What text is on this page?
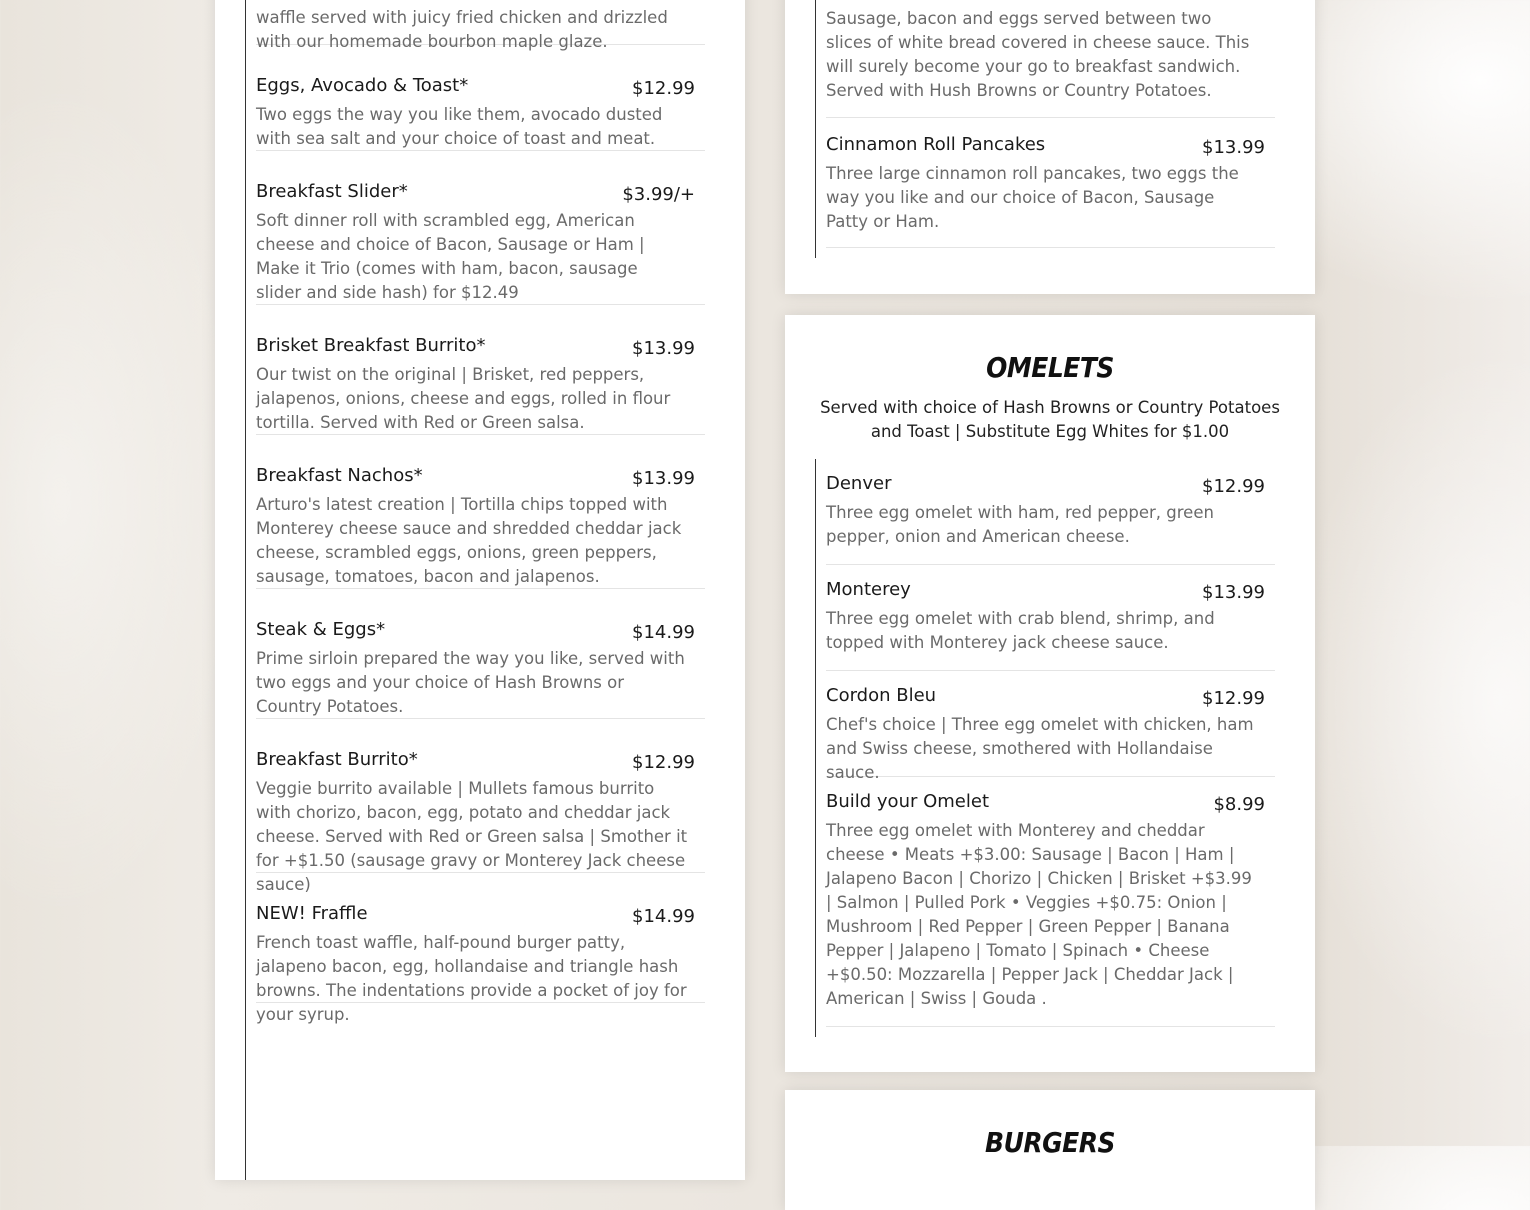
waffle served with juicy fried chicken and drizzled with our homemade bourbon maple glaze.
Eggs, Avocado & Toast*	$12.99
Two eggs the way you like them, avocado dusted with sea salt and your choice of toast and meat.
Breakfast Slider*	$3.99/+
Soft dinner roll with scrambled egg, American cheese and choice of Bacon, Sausage or Ham | Make it Trio (comes with ham, bacon, sausage slider and side hash) for $12.49
Brisket Breakfast Burrito*	$13.99
Our twist on the original | Brisket, red peppers, jalapenos, onions, cheese and eggs, rolled in flour tortilla. Served with Red or Green salsa.
Breakfast Nachos*	$13.99
Arturo's latest creation | Tortilla chips topped with Monterey cheese sauce and shredded cheddar jack cheese, scrambled eggs, onions, green peppers, sausage, tomatoes, bacon and jalapenos.
Steak & Eggs*	$14.99
Prime sirloin prepared the way you like, served with two eggs and your choice of Hash Browns or Country Potatoes.
Breakfast Burrito*	$12.99
Veggie burrito available | Mullets famous burrito with chorizo, bacon, egg, potato and cheddar jack cheese. Served with Red or Green salsa | Smother it for +$1.50 (sausage gravy or Monterey Jack cheese sauce)
NEW! Fraffle	$14.99
French toast waffle, half-pound burger patty, jalapeno bacon, egg, hollandaise and triangle hash browns. The indentations provide a pocket of joy for your syrup.
Sausage, bacon and eggs served between two slices of white bread covered in cheese sauce. This will surely become your go to breakfast sandwich. Served with Hush Browns or Country Potatoes.
Cinnamon Roll Pancakes	$13.99
Three large cinnamon roll pancakes, two eggs the way you like and our choice of Bacon, Sausage Patty or Ham.
OMELETS
Served with choice of Hash Browns or Country Potatoes and Toast | Substitute Egg Whites for $1.00
Denver	$12.99
Three egg omelet with ham, red pepper, green pepper, onion and American cheese.
Monterey	$13.99
Three egg omelet with crab blend, shrimp, and topped with Monterey jack cheese sauce.
Cordon Bleu	$12.99
Chef's choice | Three egg omelet with chicken, ham and Swiss cheese, smothered with Hollandaise sauce.
Build your Omelet	$8.99
Three egg omelet with Monterey and cheddar cheese • Meats +$3.00: Sausage | Bacon | Ham | Jalapeno Bacon | Chorizo | Chicken | Brisket +$3.99 | Salmon | Pulled Pork • Veggies +$0.75: Onion | Mushroom | Red Pepper | Green Pepper | Banana Pepper | Jalapeno | Tomato | Spinach • Cheese +$0.50: Mozzarella | Pepper Jack | Cheddar Jack | American | Swiss | Gouda .
BURGERS
